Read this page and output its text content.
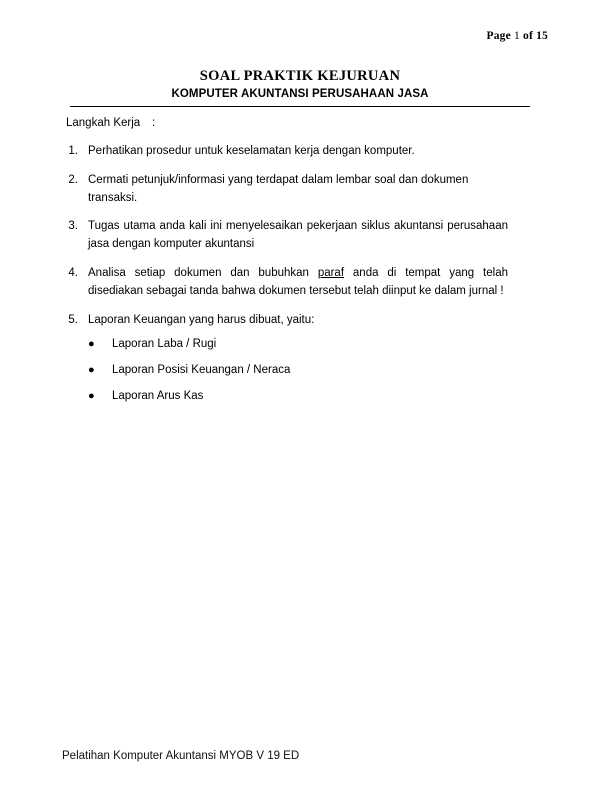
Page 1 of 15
SOAL PRAKTIK KEJURUAN
KOMPUTER AKUNTANSI PERUSAHAAN JASA
Langkah Kerja	:
1. Perhatikan prosedur untuk keselamatan kerja dengan komputer.
2. Cermati petunjuk/informasi yang terdapat dalam lembar soal dan dokumen transaksi.
3. Tugas utama anda kali ini menyelesaikan pekerjaan siklus akuntansi perusahaan jasa dengan komputer akuntansi
4. Analisa setiap dokumen dan bubuhkan paraf anda di tempat yang telah disediakan sebagai tanda bahwa dokumen tersebut telah diinput ke dalam jurnal !
5. Laporan Keuangan yang harus dibuat, yaitu:
●	Laporan Laba / Rugi
●	Laporan Posisi Keuangan / Neraca
●	Laporan Arus Kas
Pelatihan Komputer Akuntansi MYOB V 19 ED
